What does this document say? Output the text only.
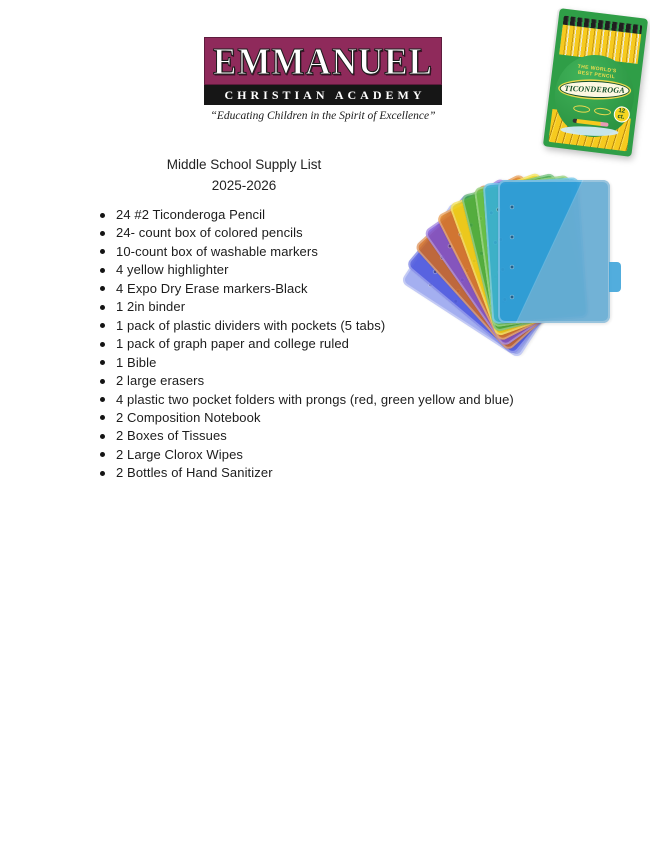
EMMANUEL
CHRISTIAN ACADEMY
“Educating Children in the Spirit of Excellence”
THE WORLD'S BEST PENCIL
TICONDEROGA
12
ct.
Middle School Supply List
2025-2026
24 #2 Ticonderoga Pencil
24- count box of colored pencils
10-count box of washable markers
4 yellow highlighter
4 Expo Dry Erase markers-Black
1 2in binder
1 pack of plastic dividers with pockets (5 tabs)
1 pack of graph paper and college ruled
1 Bible
2 large erasers
4 plastic two pocket folders with prongs (red, green yellow and blue)
2 Composition Notebook
2 Boxes of Tissues
2 Large Clorox Wipes
2 Bottles of Hand Sanitizer
